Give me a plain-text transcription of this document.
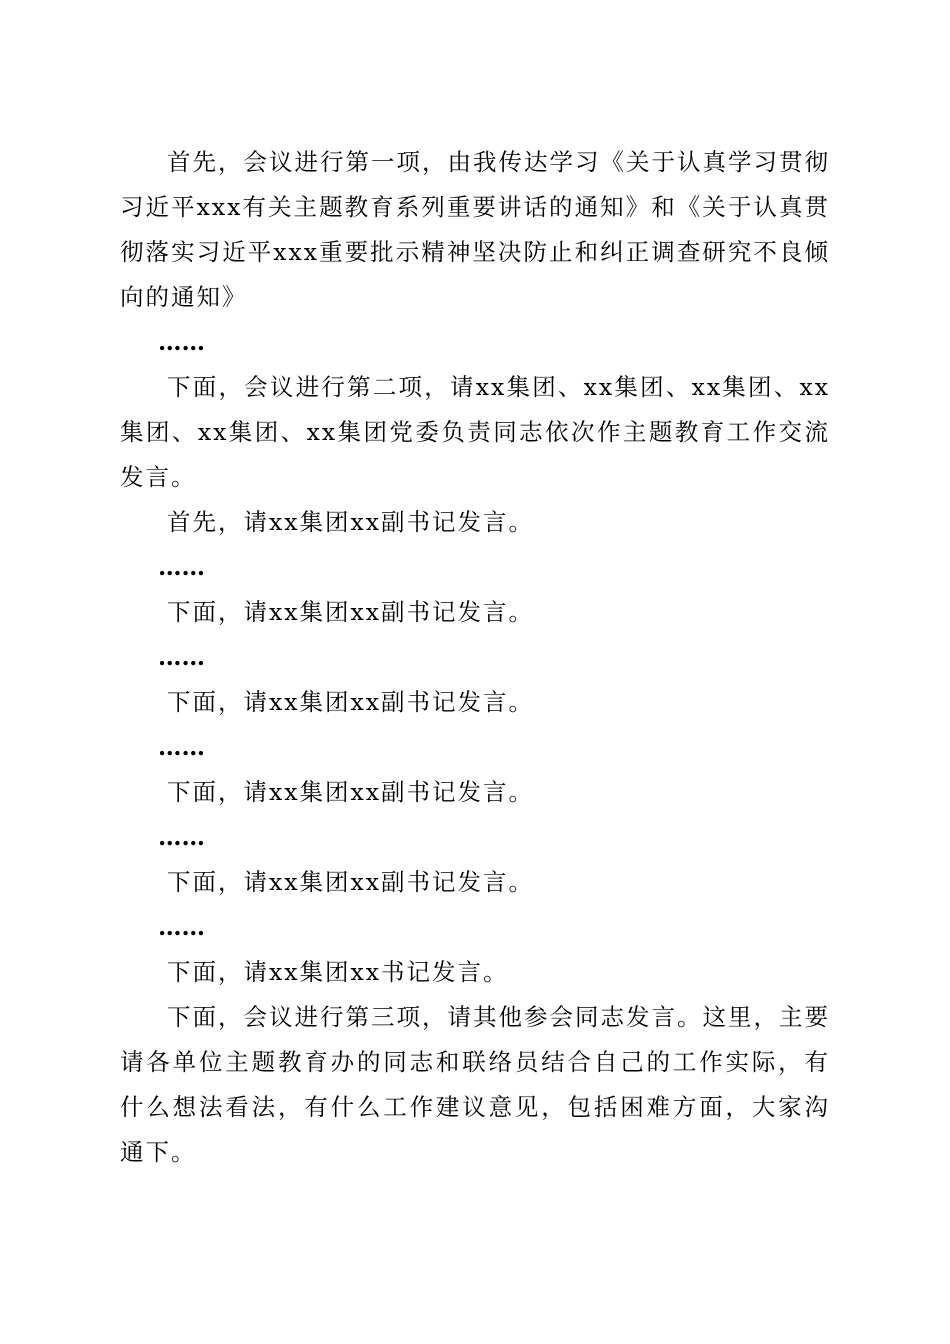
首先，会议进行第一项，由我传达学习《关于认真学习贯彻习近平xxx有关主题教育系列重要讲话的通知》和《关于认真贯彻落实习近平xxx重要批示精神坚决防止和纠正调查研究不良倾向的通知》

……

下面，会议进行第二项，请xx集团、xx集团、xx集团、xx集团、xx集团、xx集团党委负责同志依次作主题教育工作交流发言。

首先，请xx集团xx副书记发言。

……

下面，请xx集团xx副书记发言。

……

下面，请xx集团xx副书记发言。

……

下面，请xx集团xx副书记发言。

……

下面，请xx集团xx副书记发言。

……

下面，请xx集团xx书记发言。

下面，会议进行第三项，请其他参会同志发言。这里，主要请各单位主题教育办的同志和联络员结合自己的工作实际，有什么想法看法，有什么工作建议意见，包括困难方面，大家沟通下。
